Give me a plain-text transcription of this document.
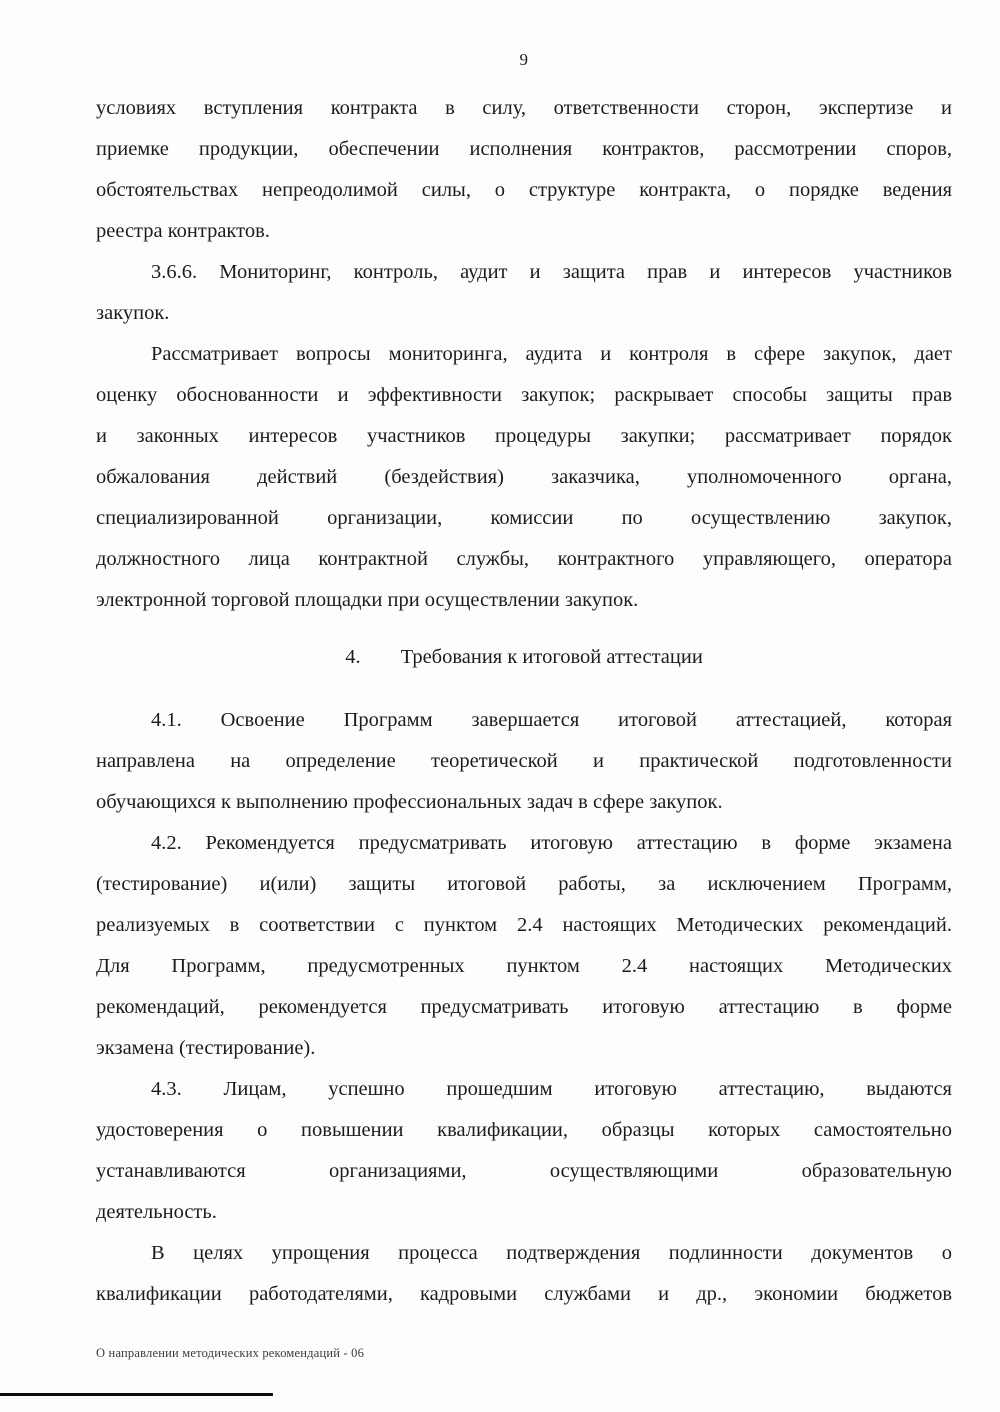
9
условиях вступления контракта в силу, ответственности сторон, экспертизе и
приемке продукции, обеспечении исполнения контрактов, рассмотрении споров,
обстоятельствах непреодолимой силы, о структуре контракта, о порядке ведения
реестра контрактов.
3.6.6. Мониторинг, контроль, аудит и защита прав и интересов участников
закупок.
Рассматривает вопросы мониторинга, аудита и контроля в сфере закупок, дает
оценку обоснованности и эффективности закупок; раскрывает способы защиты прав
и законных интересов участников процедуры закупки; рассматривает порядок
обжалования действий (бездействия) заказчика, уполномоченного органа,
специализированной организации, комиссии по осуществлению закупок,
должностного лица контрактной службы, контрактного управляющего, оператора
электронной торговой площадки при осуществлении закупок.
4. Требования к итоговой аттестации
4.1. Освоение Программ завершается итоговой аттестацией, которая
направлена на определение теоретической и практической подготовленности
обучающихся к выполнению профессиональных задач в сфере закупок.
4.2. Рекомендуется предусматривать итоговую аттестацию в форме экзамена
(тестирование) и(или) защиты итоговой работы, за исключением Программ,
реализуемых в соответствии с пунктом 2.4 настоящих Методических рекомендаций.
Для Программ, предусмотренных пунктом 2.4 настоящих Методических
рекомендаций, рекомендуется предусматривать итоговую аттестацию в форме
экзамена (тестирование).
4.3. Лицам, успешно прошедшим итоговую аттестацию, выдаются
удостоверения о повышении квалификации, образцы которых самостоятельно
устанавливаются организациями, осуществляющими образовательную
деятельность.
В целях упрощения процесса подтверждения подлинности документов о
квалификации работодателями, кадровыми службами и др., экономии бюджетов
О направлении методических рекомендаций - 06
